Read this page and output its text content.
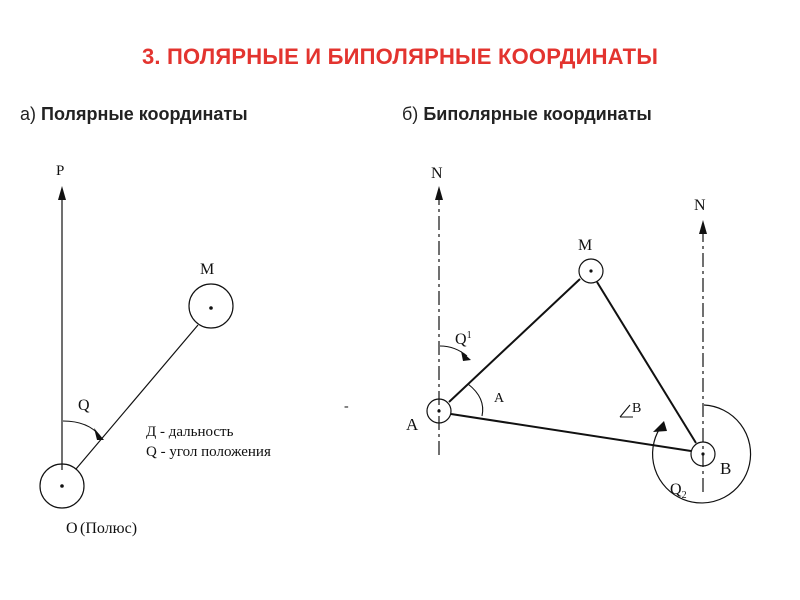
3. ПОЛЯРНЫЕ И БИПОЛЯРНЫЕ КООРДИНАТЫ
а) Полярные координаты	б) Биполярные координаты
P
M
Q
Д - дальность
Q - угол положения
-
O (Полюс)
N
N
A
M
B
$Q^1$
A
B
$Q_2$
